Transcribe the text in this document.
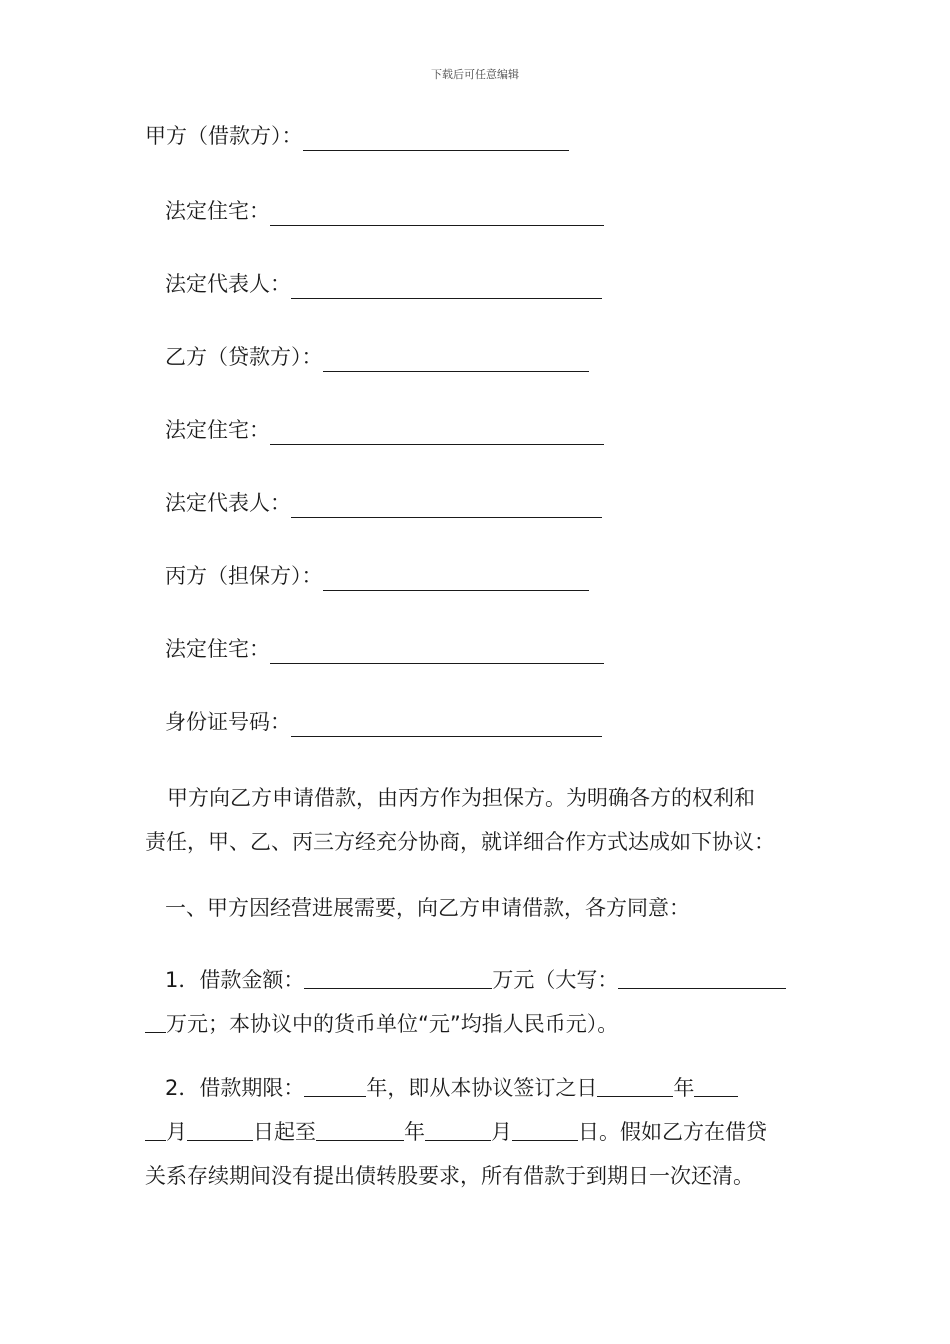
下载后可任意编辑
甲方（借款方）：
法定住宅：
法定代表人：
乙方（贷款方）：
法定住宅：
法定代表人：
丙方（担保方）：
法定住宅：
身份证号码：
甲方向乙方申请借款，由丙方作为担保方。为明确各方的权利和
责任，甲、乙、丙三方经充分协商，就详细合作方式达成如下协议：
一、甲方因经营进展需要，向乙方申请借款，各方同意：
1．借款金额：	万元（大写：
万元；本协议中的货币单位“元”均指人民币元）。
2．借款期限：	年，即从本协议签订之日	年
月	日起至	年	月	日。假如乙方在借贷
关系存续期间没有提出债转股要求，所有借款于到期日一次还清。
